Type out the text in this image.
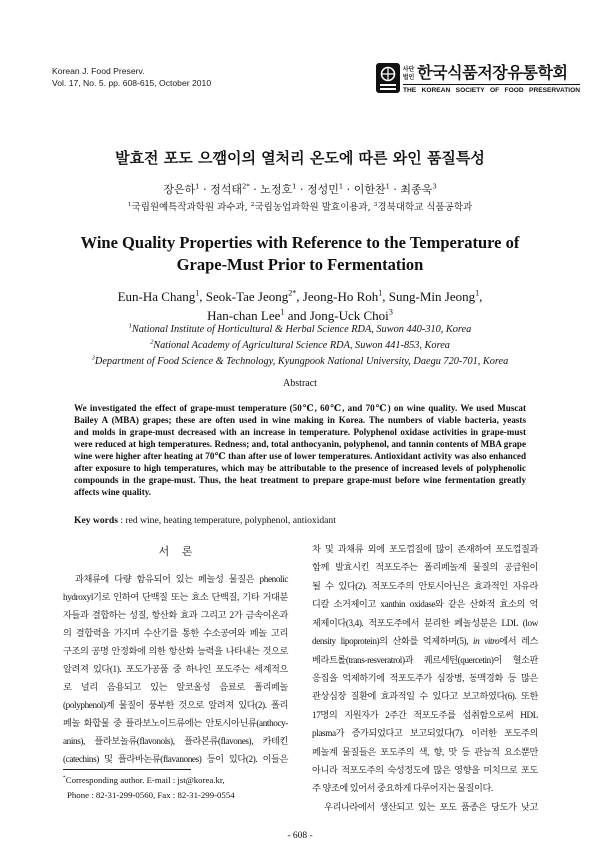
Korean J. Food Preserv.
Vol. 17, No. 5. pp. 608-615, October 2010
사단
법인 한국식품저장유통학회
THE KOREAN SOCIETY OF FOOD PRESERVATION
발효전 포도 으깸이의 열처리 온도에 따른 와인 품질특성
장은하$^1$ · 정석태$^{2*}$ · 노정호$^1$ · 정성민$^1$ · 이한찬$^1$ · 최종욱$^3$
$^1$국립원예특작과학원 과수과, $^2$국립농업과학원 발효이용과, $^3$경북대학교 식품공학과
Wine Quality Properties with Reference to the Temperature of
Grape-Must Prior to Fermentation
Eun-Ha Chang$^1$, Seok-Tae Jeong$^{2*}$, Jeong-Ho Roh$^1$, Sung-Min Jeong$^1$,
Han-chan Lee$^1$ and Jong-Uck Choi$^3$
$^1$National Institute of Horticultural & Herbal Science RDA, Suwon 440-310, Korea
$^2$National Academy of Agricultural Science RDA, Suwon 441-853, Korea
$^3$Department of Food Science & Technology, Kyungpook National University, Daegu 720-701, Korea
Abstract
We investigated the effect of grape-must temperature (50℃, 60℃, and 70℃) on wine quality. We used Muscat
Bailey A (MBA) grapes; these are often used in wine making in Korea. The numbers of viable bacteria, yeasts
and molds in grape-must decreased with an increase in temperature. Polyphenol oxidase activities in grape-must
were reduced at high temperatures. Redness; and, total anthocyanin, polyphenol, and tannin contents of MBA grape
wine were higher after heating at 70℃ than after use of lower temperatures. Antioxidant activity was also enhanced
after exposure to high temperatures, which may be attributable to the presence of increased levels of polyphenolic
compounds in the grape-must. Thus, the heat treatment to prepare grape-must before wine fermentation greatly
affects wine quality.
Key words : red wine, heating temperature, polyphenol, antioxidant
서 론
과채류에 다량 함유되어 있는 페놀성 물질은 phenolic
hydroxyl기로 인하여 단백질 또는 효소 단백질, 기타 거대분
자들과 결합하는 성질, 항산화 효과 그리고 2가 금속이온과
의 결합력을 가지며 수산기를 통한 수소공여와 페놀 고리
구조의 공명 안정화에 의한 항산화 능력을 나타내는 것으로
알려져 있다(1). 포도가공품 중 하나인 포도주는 세계적으
로 널리 음용되고 있는 알코올성 음료로 폴리페놀
(polyphenol)계 물질이 풍부한 것으로 알려져 있다(2). 폴리
페놀 화합물 중 플라보노이드류에는 안토시아닌류(anthocy-
anins), 플라보놀류(flavonols), 플라본류(flavones), 카테킨
(catechins) 및 플라바논류(flavanones) 등이 있다(2). 이들은
*Corresponding author. E-mail : jst@korea.kr,
Phone : 82-31-299-0560, Fax : 82-31-299-0554
차 및 과채류 외에 포도껍질에 많이 존재하여 포도껍질과
함께 발효시킨 적포도주는 폴리페놀계 물질의 공급원이
될 수 있다(2). 적포도주의 안토시아닌은 효과적인 자유라
디칼 소거제이고 xanthin oxidase와 같은 산화적 효소의 억
제제이다(3,4). 적포도주에서 분리한 페놀성분은 LDL (low
density lipoprotein)의 산화를 억제하며(5), in vitro에서 레스
베라트롤(trans-resveratrol)과 퀘르세틴(quercetin)이 혈소판
응집을 억제하기에 적포도주가 심장병, 동맥경화 등 많은
관상심장 질환에 효과적일 수 있다고 보고하였다(6). 또한
17명의 지원자가 2주간 적포도주를 섭취함으로써 HDL
plasma가 증가되었다고 보고되었다(7). 이러한 포도주의
페놀계 물질들은 포도주의 색, 향, 맛 등 관능적 요소뿐만
아니라 적포도주의 숙성정도에 많은 영향을 미치므로 포도
주 양조에 있어서 중요하게 다루어지는 물질이다.
우리나라에서 생산되고 있는 포도 품종은 당도가 낮고
- 608 -
